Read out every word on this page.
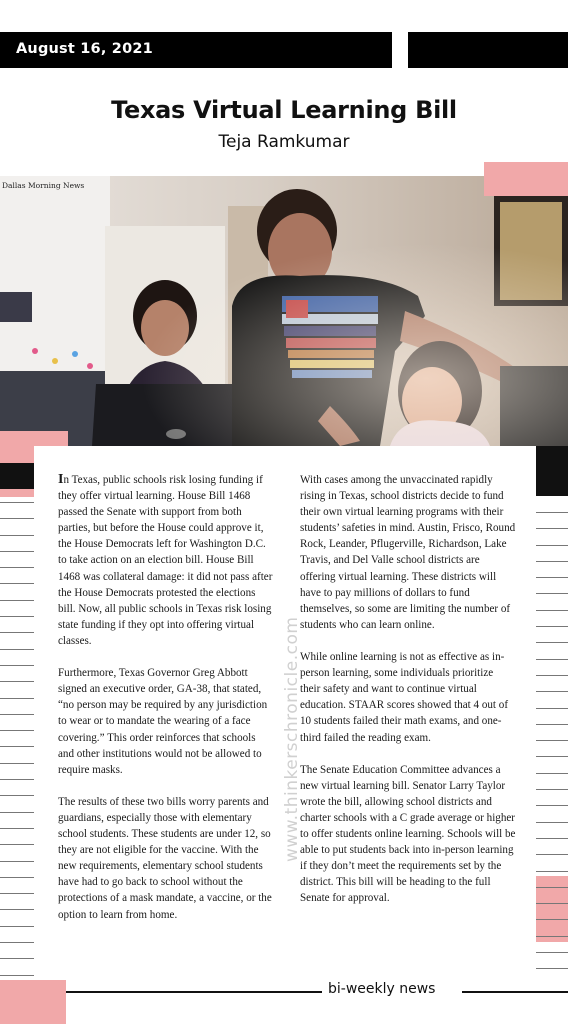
August 16, 2021
Texas Virtual Learning Bill
Teja Ramkumar
Dallas Morning News

In Texas, public schools risk losing funding if they offer virtual learning. House Bill 1468 passed the Senate with support from both parties, but before the House could approve it, the House Democrats left for Washington D.C. to take action on an election bill. House Bill 1468 was collateral damage: it did not pass after the House Democrats protested the elections bill. Now, all public schools in Texas risk losing state funding if they opt into offering virtual classes.

Furthermore, Texas Governor Greg Abbott signed an executive order, GA-38, that stated, “no person may be required by any jurisdiction to wear or to mandate the wearing of a face covering.” This order reinforces that schools and other institutions would not be allowed to require masks.

The results of these two bills worry parents and guardians, especially those with elementary school students. These students are under 12, so they are not eligible for the vaccine. With the new requirements, elementary school students have had to go back to school without the protections of a mask mandate, a vaccine, or the option to learn from home.

With cases among the unvaccinated rapidly rising in Texas, school districts decide to fund their own virtual learning programs with their students’ safeties in mind. Austin, Frisco, Round Rock, Leander, Pflugerville, Richardson, Lake Travis, and Del Valle school districts are offering virtual learning. These districts will have to pay millions of dollars to fund themselves, so some are limiting the number of students who can learn online.

While online learning is not as effective as in-person learning, some individuals prioritize their safety and want to continue virtual education. STAAR scores showed that 4 out of 10 students failed their math exams, and one-third failed the reading exam.

The Senate Education Committee advances a new virtual learning bill. Senator Larry Taylor wrote the bill, allowing school districts and charter schools with a C grade average or higher to offer students online learning. Schools will be able to put students back into in-person learning if they don’t meet the requirements set by the district. This bill will be heading to the full Senate for approval.

www.thinkerschronicle.com
bi-weekly news
